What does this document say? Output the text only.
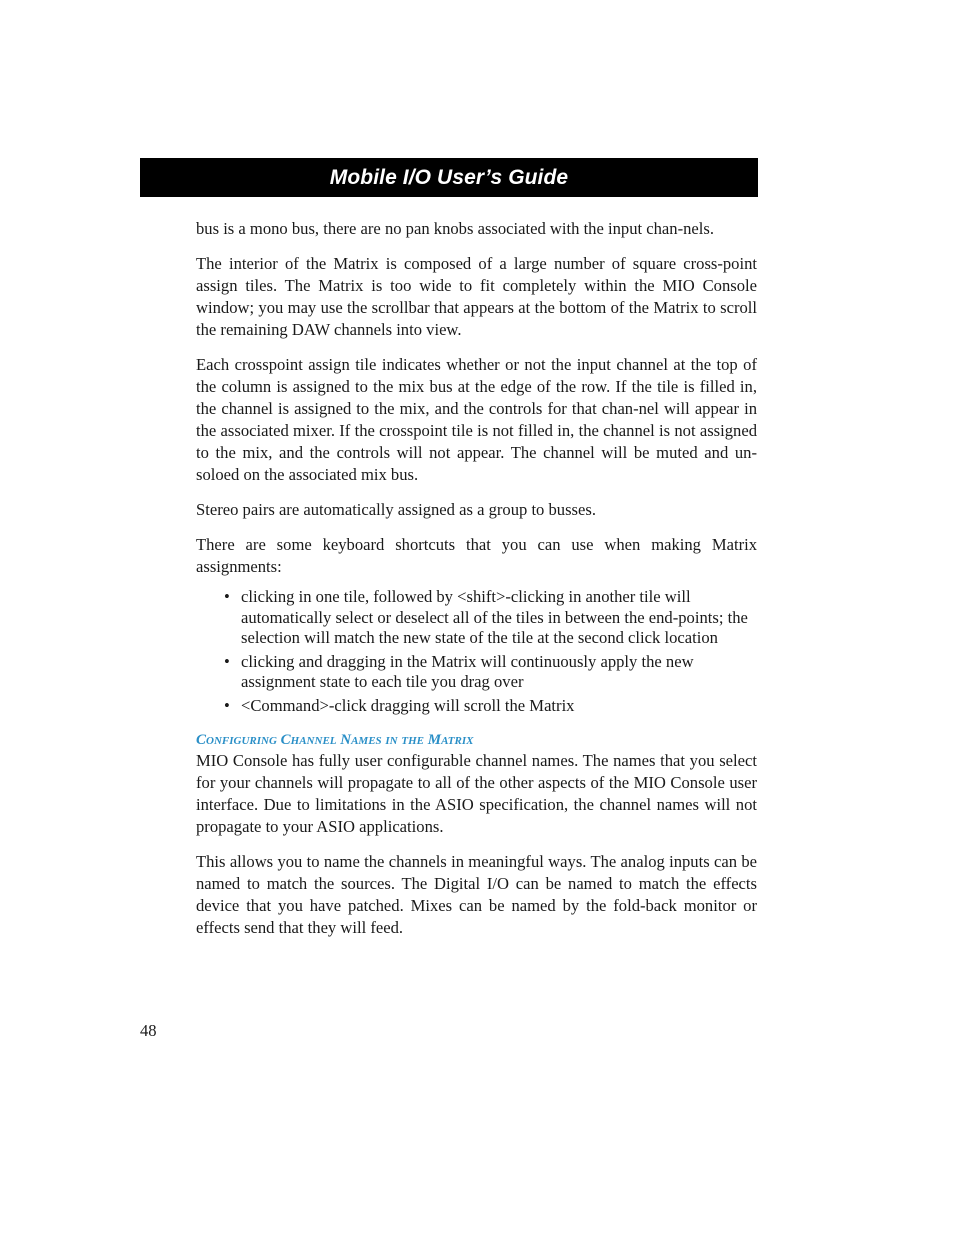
Mobile I/O User’s Guide

bus is a mono bus, there are no pan knobs associated with the input chan-nels.

The interior of the Matrix is composed of a large number of square cross-point assign tiles. The Matrix is too wide to fit completely within the MIO Console window; you may use the scrollbar that appears at the bottom of the Matrix to scroll the remaining DAW channels into view.

Each crosspoint assign tile indicates whether or not the input channel at the top of the column is assigned to the mix bus at the edge of the row. If the tile is filled in, the channel is assigned to the mix, and the controls for that chan-nel will appear in the associated mixer. If the crosspoint tile is not filled in, the channel is not assigned to the mix, and the controls will not appear. The channel will be muted and un-soloed on the associated mix bus.

Stereo pairs are automatically assigned as a group to busses.

There are some keyboard shortcuts that you can use when making Matrix assignments:

• clicking in one tile, followed by <shift>-clicking in another tile will automatically select or deselect all of the tiles in between the end-points; the selection will match the new state of the tile at the second click location
• clicking and dragging in the Matrix will continuously apply the new assignment state to each tile you drag over
• <Command>-click dragging will scroll the Matrix
Configuring Channel Names in the Matrix

MIO Console has fully user configurable channel names. The names that you select for your channels will propagate to all of the other aspects of the MIO Console user interface. Due to limitations in the ASIO specification, the channel names will not propagate to your ASIO applications.

This allows you to name the channels in meaningful ways. The analog inputs can be named to match the sources. The Digital I/O can be named to match the effects device that you have patched. Mixes can be named by the fold-back monitor or effects send that they will feed.

48
